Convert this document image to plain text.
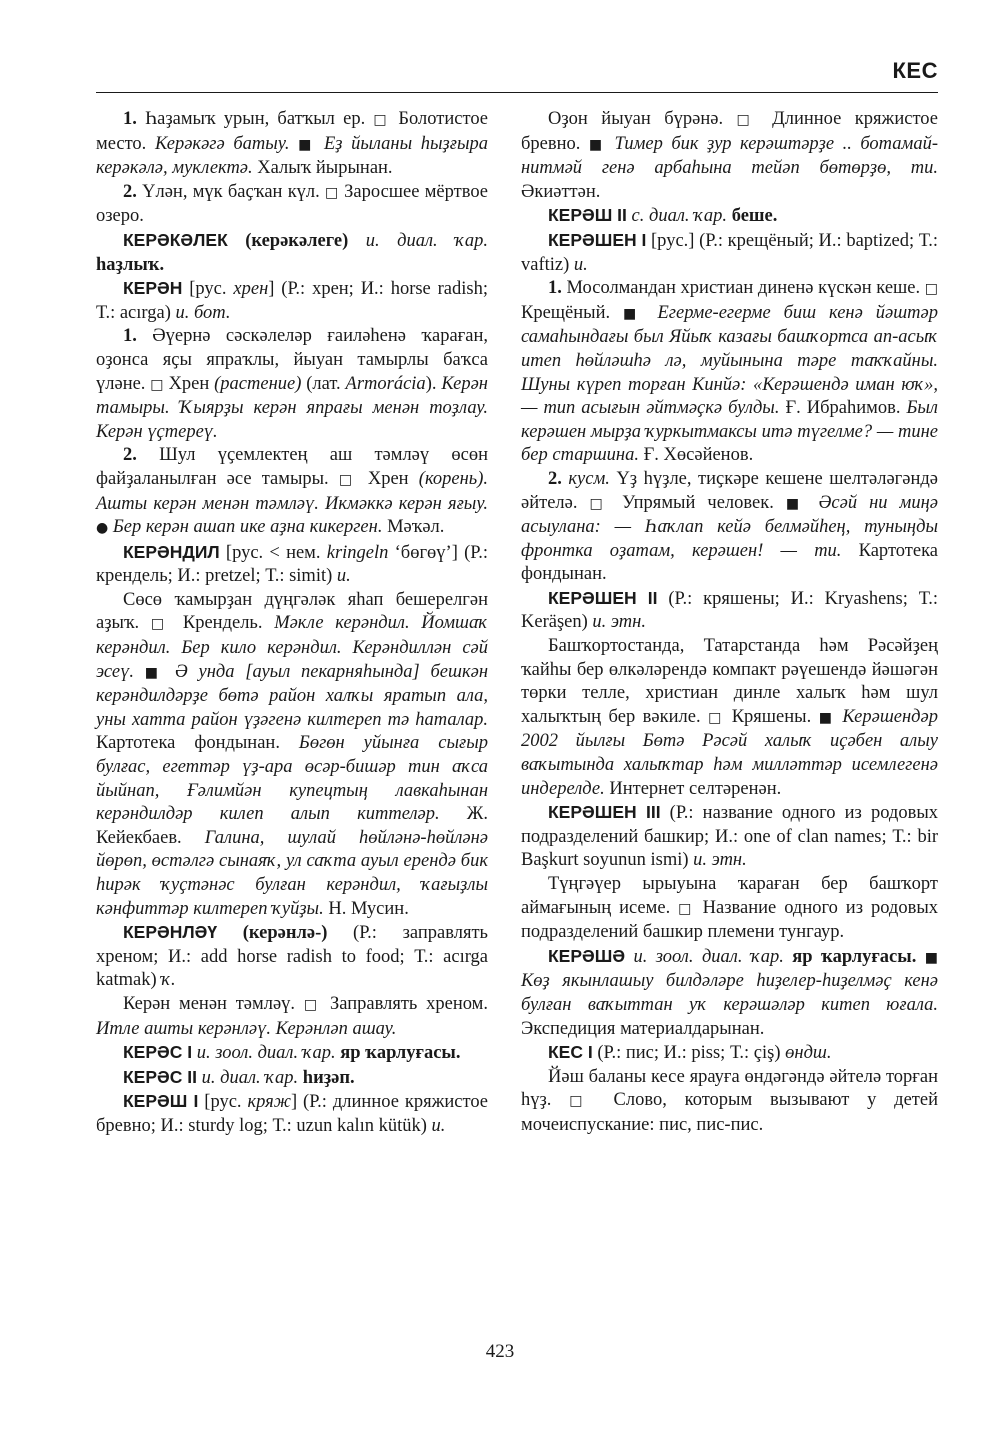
КЕС

1. Һаҙамыҡ урын, батҡыл ер. □ Болотистое место. Керәкәгә батыу. ■ Еҙ йыланы һыҙғыра керәкәлә, муклектә. Халыҡ йырынан.

2. Үлән, мүк баҫҡан күл. □ Заросшее мёртвое озеро.

КЕРӘКӘЛЕК (керәкәлеге) и. диал. ҡар. һаҙлыҡ.

КЕРӘН [рус. хрен] (Р.: хрен; И.: horse radish; Т.: acırga) и. бот.

1. Әүернә сәскәлеләр ғаиләһенә ҡараған, оҙонса яҫы япраҡлы, йыуан тамырлы баҡса үләне. □ Хрен (растение) (лат. Armorácia). Керән тамыры. Ҡыярҙы керән япрағы менән тоҙлау. Керән үҫтереү.

2. Шул үҫемлектең аш тәмләү өсөн файҙаланылған әсе тамыры. □ Хрен (корень). Ашты керән менән тәмләү. Икмәккә керән яғыу. ● Бер керән ашап ике аҙна кикерген. Мәҡәл.

КЕРӘНДИЛ [рус. < нем. kringeln ‘бөгөү’] (Р.: крендель; И.: pretzel; Т.: simit) и.

Сөсө ҡамырҙан дүңгәләк яһап бешерелгән аҙыҡ. □ Крендель. Мәкле керәндил. Йомшаҡ керәндил. Бер кило керәндил. Керәндиллән сәй эсеү. ■ Ә унда [ауыл пекарняһында] бешкән керәндилдәрҙе бөтә район халҡы яратып ала, уны хатта район үҙәгенә килтереп тә һаталар. Картотека фондынан. Бөгөн уйынға сығыр булғас, егеттәр үҙ-ара өсәр-бишәр тин аҡса йыйнап, Ғәлимйән купецтың лавкаһынан керәндилдәр килеп алып киттеләр. Ж. Кейекбаев. Галина, шулай һөйләнә-һөйләнә йөрөп, өстәлгә сынаяҡ, ул саҡта ауыл ерендә бик һирәк ҡуҫтәнәс булған керәндил, ҡағыҙлы кәнфиттәр килтереп ҡуйҙы. Н. Мусин.

КЕРӘНЛӘҮ (керәнлә-) (Р.: заправлять хреном; И.: add horse radish to food; Т.: acırga katmak) ҡ.

Керән менән тәмләү. □ Заправлять хреном. Итле ашты керәнләү. Керәнләп ашау.

КЕРӘС I и. зоол. диал. ҡар. яр ҡарлуғасы.

КЕРӘС II и. диал. ҡар. һиҙәп.

КЕРӘШ I [рус. кряж] (Р.: длинное кряжистое бревно; И.: sturdy log; Т.: uzun kalın kütük) и.

Оҙон йыуан бүрәнә. □ Длинное кряжистое бревно. ■ Тимер бик ҙур керәштәрҙе .. ботамай-нитмәй генә арбаһына тейәп бөтөрҙө, ти. Әкиәттән.

КЕРӘШ II с. диал. ҡар. беше.

КЕРӘШЕН I [рус.] (Р.: крещёный; И.: baptized; Т.: vaftiz) и.

1. Мосолмандан христиан диненә күскән кеше. □ Крещёный. ■ Егерме-егерме биш кенә йәштәр самаһындағы был Яйыҡ казағы башҡортса ап-асыҡ итеп һөйләшһә лә, муйынына тәре таҡҡайны. Шуны күреп торған Кинйә: «Керәшендә иман юҡ», — тип асығын әйтмәҫкә булды. Ғ. Ибраһимов. Был керәшен мырҙа ҡуркытмаксы итә түгелме? — тине бер старшина. Ғ. Хөсәйенов.

2. кусм. Үҙ һүҙле, тиҫкәре кешене шелтәләгәндә әйтелә. □ Упрямый человек. ■ Әсәй ни миңә асыулана: — Һаҡлап кейә белмәйһең, туныңды фронтка оҙатам, керәшен! — ти. Картотека фондынан.

КЕРӘШЕН II (Р.: кряшены; И.: Kryashens; Т.: Keräşen) и. этн.

Башҡортостанда, Татарстанда һәм Рәсәйҙең ҡайһы бер өлкәләрендә компакт рәүешендә йәшәгән төрки телле, христиан динле халыҡ һәм шул халыҡтың бер вәкиле. □ Кряшены. ■ Керәшендәр 2002 йылғы Бөтә Рәсәй халыҡ иҫәбен алыу ваҡытында халыҡтар һәм милләттәр исемлегенә индерелде. Интернет селтәренән.

КЕРӘШЕН III (Р.: название одного из родовых подразделений башкир; И.: one of clan names; Т.: bir Başkurt soyunun ismi) и. этн.

Түңгәүер ырыуына ҡараған бер башҡорт аймағының исеме. □ Название одного из родовых подразделений башкир племени тунгаур.

КЕРӘШӘ и. зоол. диал. ҡар. яр ҡарлуғасы. ■ Көҙ якынлашыу билдәләре һиҙелер-һиҙелмәҫ кенә булған ваҡыттан уҡ керәшәләр китеп юғала. Экспедиция материалдарынан.

КЕС I (Р.: пис; И.: piss; Т.: çiş) өндш.

Йәш баланы кесе ярауға өндәгәндә әйтелә торған һүҙ. □ Слово, которым вызывают у детей мочеиспускание: пис, пис-пис.

423
